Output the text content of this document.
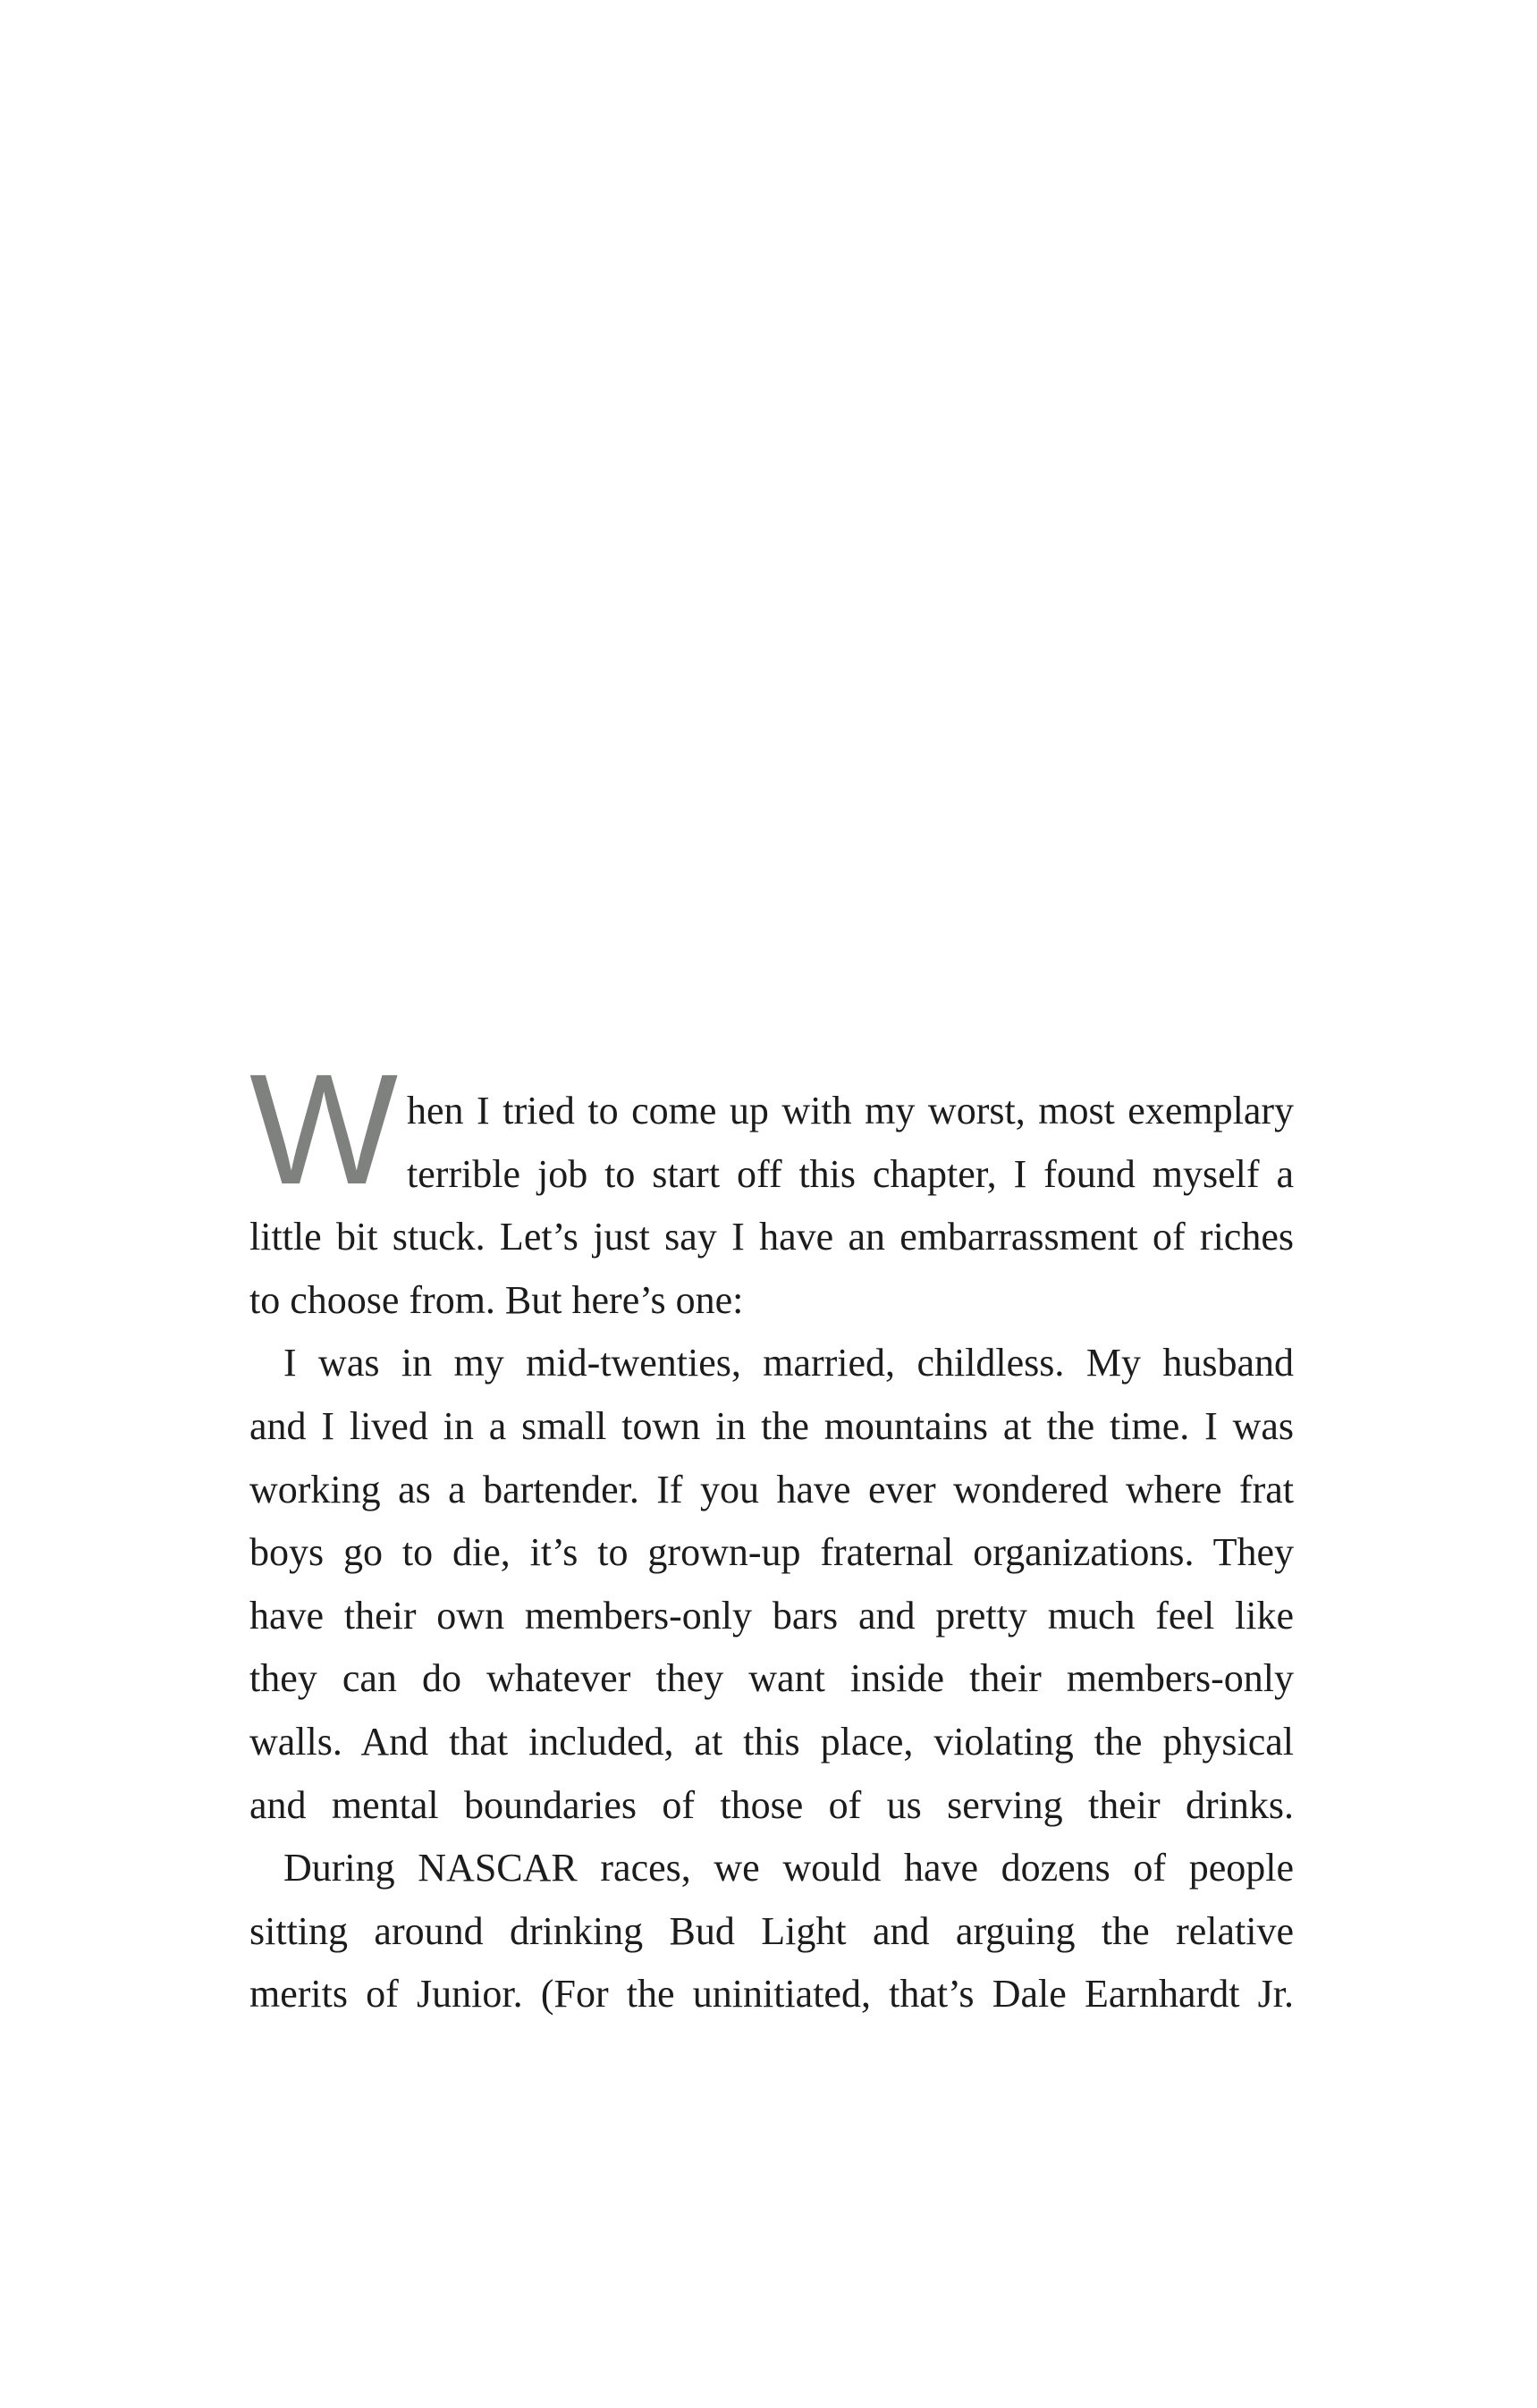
W hen I tried to come up with my worst, most exemplary
terrible job to start off this chapter, I found myself a
little bit stuck. Let’s just say I have an embarrassment of riches
to choose from. But here’s one:

I was in my mid-twenties, married, childless. My husband
and I lived in a small town in the mountains at the time. I was
working as a bartender. If you have ever wondered where frat
boys go to die, it’s to grown-up fraternal organizations. They
have their own members-only bars and pretty much feel like
they can do whatever they want inside their members-only
walls. And that included, at this place, violating the physical
and mental boundaries of those of us serving their drinks.

During NASCAR races, we would have dozens of people
sitting around drinking Bud Light and arguing the relative
merits of Junior. (For the uninitiated, that’s Dale Earnhardt Jr.
